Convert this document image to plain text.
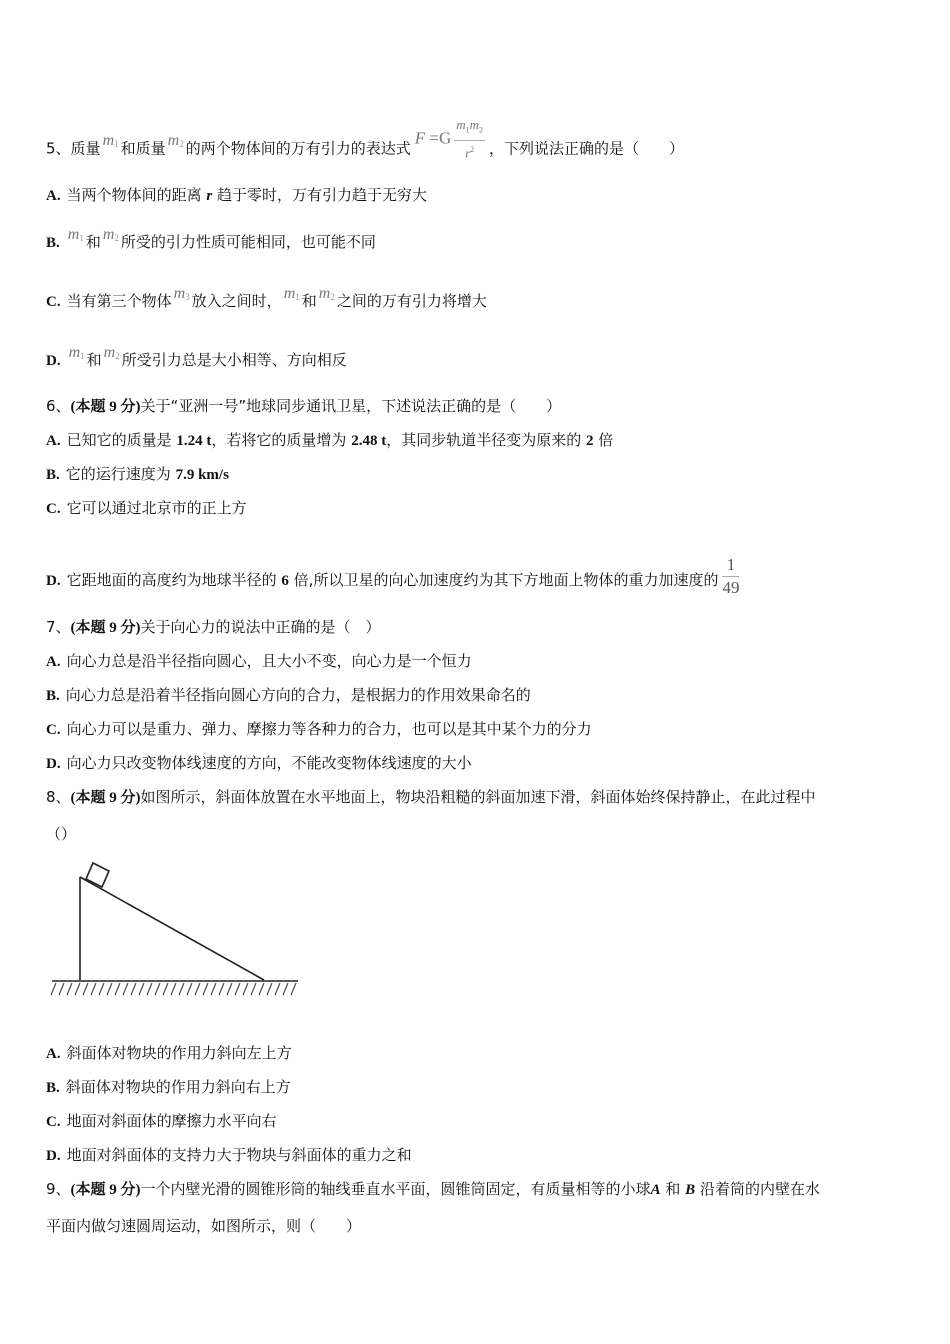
5、质量 $m_1$ 和质量 $m_2$ 的两个物体间的万有引力的表达式$F =G \frac{m_1m_2}{r^2}$ ，下列说法正确的是（　　）
A. 当两个物体间的距离 r 趋于零时，万有引力趋于无穷大
B. $m_1$ 和 $m_2$ 所受的引力性质可能相同，也可能不同
C. 当有第三个物体 $m_3$ 放入之间时， $m_1$ 和 $m_2$ 之间的万有引力将增大
D. $m_1$ 和 $m_2$ 所受引力总是大小相等、方向相反
6、(本题 9 分)关于“亚洲一号”地球同步通讯卫星，下述说法正确的是（　　）
A. 已知它的质量是 1.24 t，若将它的质量增为 2.48 t，其同步轨道半径变为原来的 2 倍
B. 它的运行速度为 7.9 km/s
C. 它可以通过北京市的正上方
D. 它距地面的高度约为地球半径的 6 倍,所以卫星的向心加速度约为其下方地面上物体的重力加速度的 $\frac{1}{49}$
7、(本题 9 分)关于向心力的说法中正确的是（　）
A. 向心力总是沿半径指向圆心，且大小不变，向心力是一个恒力
B. 向心力总是沿着半径指向圆心方向的合力，是根据力的作用效果命名的
C. 向心力可以是重力、弹力、摩擦力等各种力的合力，也可以是其中某个力的分力
D. 向心力只改变物体线速度的方向，不能改变物体线速度的大小
8、(本题 9 分)如图所示，斜面体放置在水平地面上，物块沿粗糙的斜面加速下滑，斜面体始终保持静止，在此过程中
（）
A. 斜面体对物块的作用力斜向左上方
B. 斜面体对物块的作用力斜向右上方
C. 地面对斜面体的摩擦力水平向右
D. 地面对斜面体的支持力大于物块与斜面体的重力之和
9、(本题 9 分)一个内壁光滑的圆锥形筒的轴线垂直水平面，圆锥筒固定，有质量相等的小球A 和 B 沿着筒的内壁在水
平面内做匀速圆周运动，如图所示，则（　　）
